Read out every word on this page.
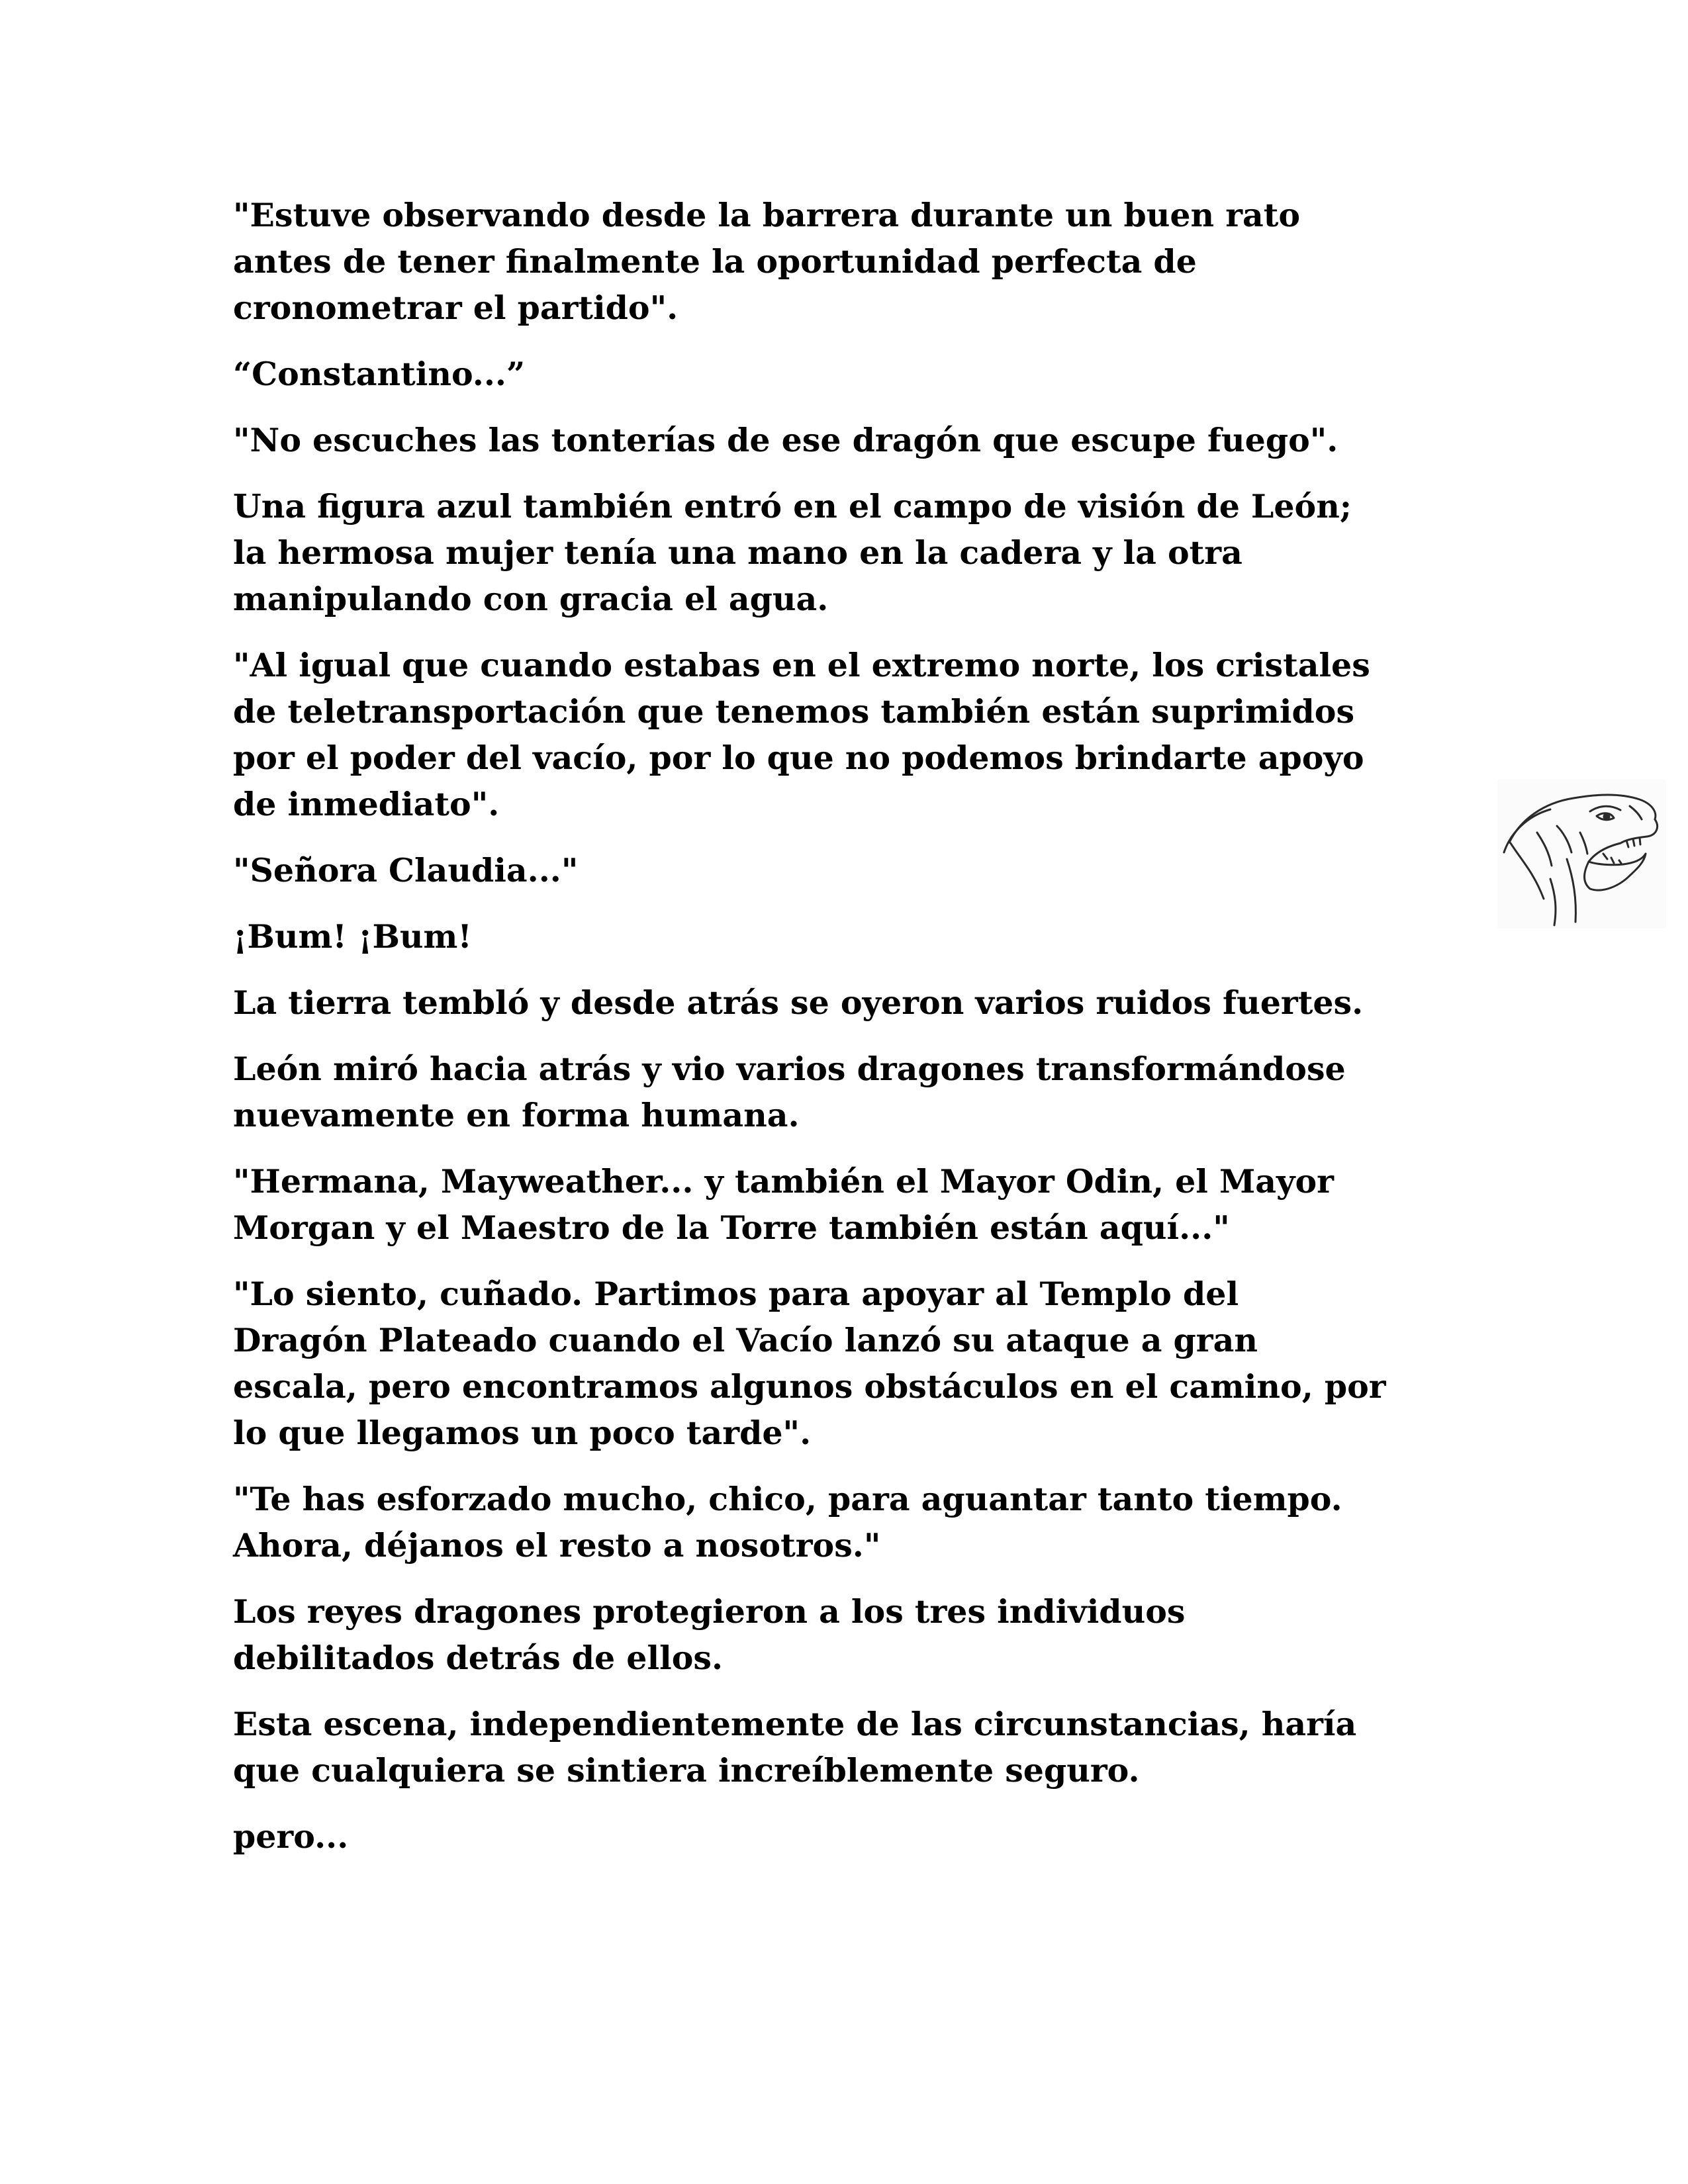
"Estuve observando desde la barrera durante un buen rato
antes de tener finalmente la oportunidad perfecta de
cronometrar el partido".

“Constantino...”

"No escuches las tonterías de ese dragón que escupe fuego".

Una figura azul también entró en el campo de visión de León;
la hermosa mujer tenía una mano en la cadera y la otra
manipulando con gracia el agua.

"Al igual que cuando estabas en el extremo norte, los cristales
de teletransportación que tenemos también están suprimidos
por el poder del vacío, por lo que no podemos brindarte apoyo
de inmediato".

"Señora Claudia..."

¡Bum! ¡Bum!

La tierra tembló y desde atrás se oyeron varios ruidos fuertes.

León miró hacia atrás y vio varios dragones transformándose
nuevamente en forma humana.

"Hermana, Mayweather... y también el Mayor Odin, el Mayor
Morgan y el Maestro de la Torre también están aquí..."

"Lo siento, cuñado. Partimos para apoyar al Templo del
Dragón Plateado cuando el Vacío lanzó su ataque a gran
escala, pero encontramos algunos obstáculos en el camino, por
lo que llegamos un poco tarde".

"Te has esforzado mucho, chico, para aguantar tanto tiempo.
Ahora, déjanos el resto a nosotros."

Los reyes dragones protegieron a los tres individuos
debilitados detrás de ellos.

Esta escena, independientemente de las circunstancias, haría
que cualquiera se sintiera increíblemente seguro.

pero...
